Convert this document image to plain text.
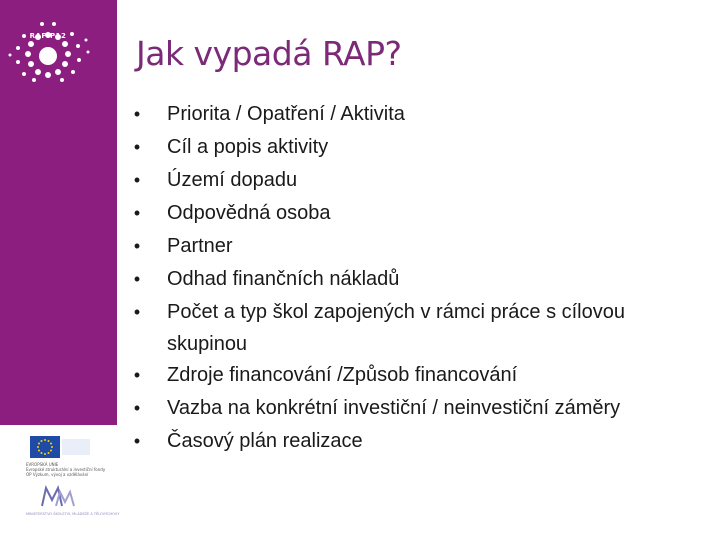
RAP P12
EVROPSKÁ UNIE
Evropské strukturální a investiční fondy
OP Výzkum, vývoj a vzdělávání
MINISTERSTVO ŠKOLSTVÍ, MLÁDEŽE A TĚLOVÝCHOVY
Jak vypadá RAP?
• Priorita / Opatření / Aktivita
• Cíl a popis aktivity
• Území dopadu
• Odpovědná osoba
• Partner
• Odhad finančních nákladů
• Počet a typ škol zapojených v rámci práce s cílovou
skupinou
• Zdroje financování /Způsob financování
• Vazba na konkrétní investiční / neinvestiční záměry
• Časový plán realizace
